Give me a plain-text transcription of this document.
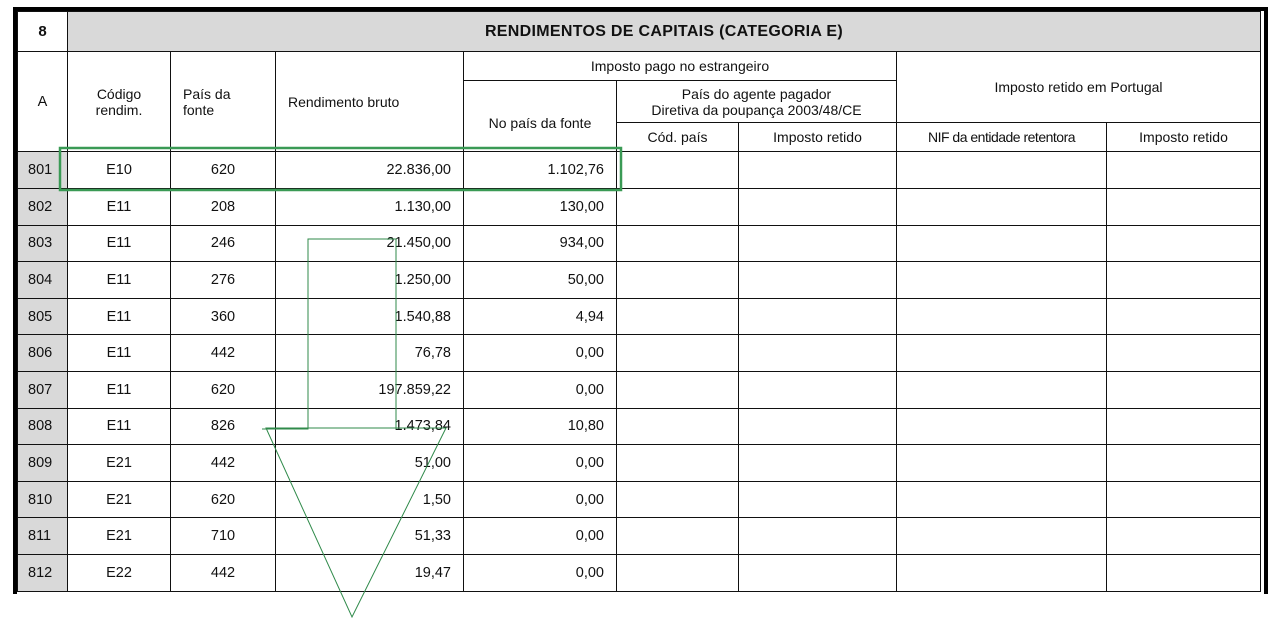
8	RENDIMENTOS DE CAPITAIS (CATEGORIA E)							
A	Código rendim.	País da fonte	Rendimento bruto	Imposto pago no estrangeiro			Imposto retido em Portugal	
				No país da fonte	País do agente pagador
Diretiva da poupança 2003/48/CE			

					Cód. país	Imposto retido	NIF da entidade retentora	Imposto retido
801	E10	620	22.836,00	1.102,76				
802	E11	208	1.130,00	130,00				
803	E11	246	21.450,00	934,00				
804	E11	276	1.250,00	50,00				
805	E11	360	1.540,88	4,94				
806	E11	442	76,78	0,00				
807	E11	620	197.859,22	0,00				
808	E11	826	1.473,84	10,80				
809	E21	442	51,00	0,00				
810	E21	620	1,50	0,00				
811	E21	710	51,33	0,00				
812	E22	442	19,47	0,00				
